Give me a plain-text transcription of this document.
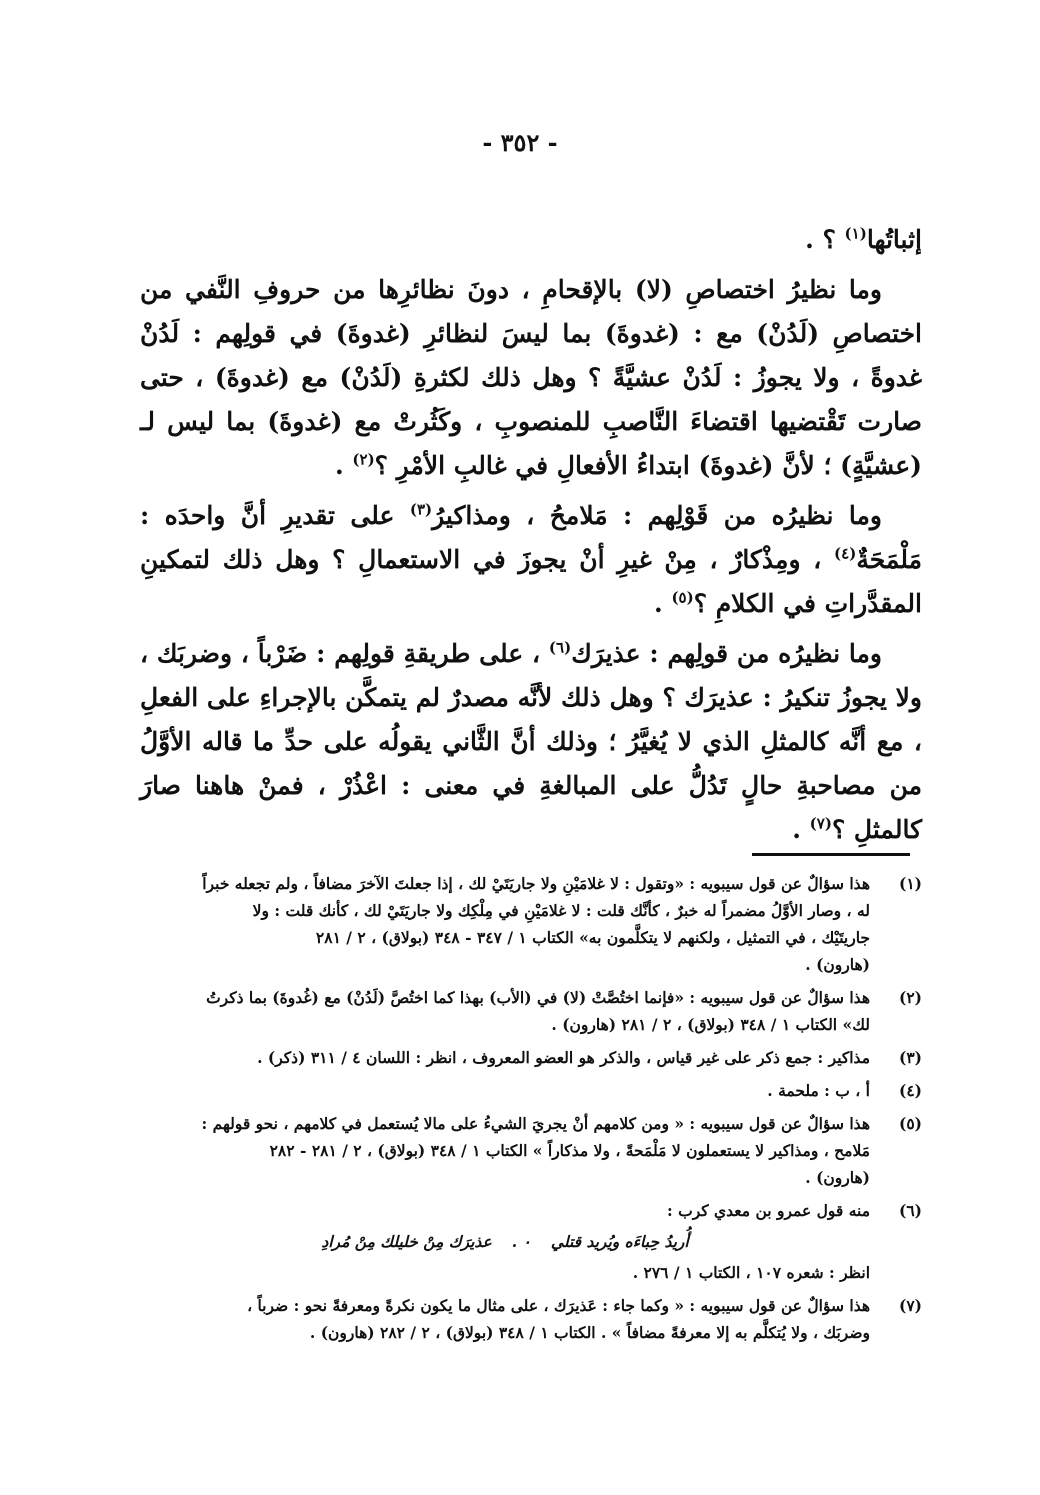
- ٣٥٢ -

إثباتُها$^{(١)}$ ؟ .

وما نظيرُ اختصاصِ (لا) بالإقحامِ ، دونَ نظائرِها من حروفِ النَّفي من اختصاصِ (لَدُنْ) مع : (غدوةَ) بما ليسَ لنظائرِ (غدوةَ) في قولِهم : لَدُنْ غدوةً ، ولا يجوزُ : لَدُنْ عشيَّةً ؟ وهل ذلك لكثرةِ (لَدُنْ) مع (غدوةَ) ، حتى صارت تَقْتضيها اقتضاءَ النَّاصبِ للمنصوبِ ، وكَثُرتْ مع (غدوةَ) بما ليس لـ (عشيَّةٍ) ؛ لأنَّ (غدوةَ) ابتداءُ الأفعالِ في غالبِ الأمْرِ ؟$^{(٢)}$ .

وما نظيرُه من قَوْلِهم : مَلامحُ ، ومذاكيرُ$^{(٣)}$ على تقديرِ أنَّ واحدَه : مَلْمَحَةٌ$^{(٤)}$ ، ومِذْكارٌ ، مِنْ غيرِ أنْ يجوزَ في الاستعمالِ ؟ وهل ذلك لتمكينِ المقدَّراتِ في الكلامِ ؟$^{(٥)}$ .

وما نظيرُه من قولِهم : عذيرَك$^{(٦)}$ ، على طريقةِ قولِهم : ضَرْباً ، وضربَك ، ولا يجوزُ تنكيرُ : عذيرَك ؟ وهل ذلك لأنَّه مصدرٌ لم يتمكَّن بالإجراءِ على الفعلِ ، مع أنَّه كالمثلِ الذي لا يُغيَّرُ ؛ وذلك أنَّ الثَّاني يقولُه على حدِّ ما قاله الأوَّلُ من مصاحبةِ حالٍ تَدُلُّ على المبالغةِ في معنى : اعْذُرْ ، فمنْ هاهنا صارَ كالمثلِ ؟$^{(٧)}$ .

(١)
هذا سؤالٌ عن قول سيبويه : «وتقول : لا غلامَيْنِ ولا جاريَتَيْ لك ، إذا جعلتَ الآخرَ مضافاً ، ولم تجعله خبراً
له ، وصار الأوَّلُ مضمراً له خبرٌ ، كأنَّك قلت : لا غلامَيْنِ في مِلْكِك ولا جاريَتَيْ لك ، كأنك قلت : ولا
جاريتَيْك ، في التمثيل ، ولكنهم لا يتكلَّمون به» الكتاب ١ / ٣٤٧ - ٣٤٨ (بولاق) ، ٢ / ٢٨١
(هارون) .
(٢)
هذا سؤالٌ عن قول سيبويه : «فإنما اختُصَّتْ (لا) في (الأب) بهذا كما اختُصَّ (لَدُنْ) مع (غُدوةَ) بما ذكرتُ
لك» الكتاب ١ / ٣٤٨ (بولاق) ، ٢ / ٢٨١ (هارون) .
(٣)
مذاكير : جمع ذكر على غير قياس ، والذكر هو العضو المعروف ، انظر : اللسان ٤ / ٣١١ (ذكر) .
(٤)
أ ، ب : ملحمة .
(٥)
هذا سؤالٌ عن قول سيبويه : « ومن كلامهم أنْ يجريَ الشيءُ على مالا يُستعمل في كلامهم ، نحو قولهم :
مَلامح ، ومذاكير لا يستعملون لا مَلْمَحةً ، ولا مذكاراً » الكتاب ١ / ٣٤٨ (بولاق) ، ٢ / ٢٨١ - ٢٨٢
(هارون) .
(٦)
منه قول عمرو بن معدي كرب :
أُريدُ حِباءَه ويُريد قتلي
٠ .
عذيرَك مِنْ خليلك مِنْ مُرادِ
انظر : شعره ١٠٧ ، الكتاب ١ / ٢٧٦ .
(٧)
هذا سؤالٌ عن قول سيبويه : « وكما جاء : عَذيرَك ، على مثال ما يكون نكرةً ومعرفةً نحو : ضرباً ،
وضربَك ، ولا يُتكلَّم به إلا معرفةً مضافاً » . الكتاب ١ / ٣٤٨ (بولاق) ، ٢ / ٢٨٢ (هارون) .
